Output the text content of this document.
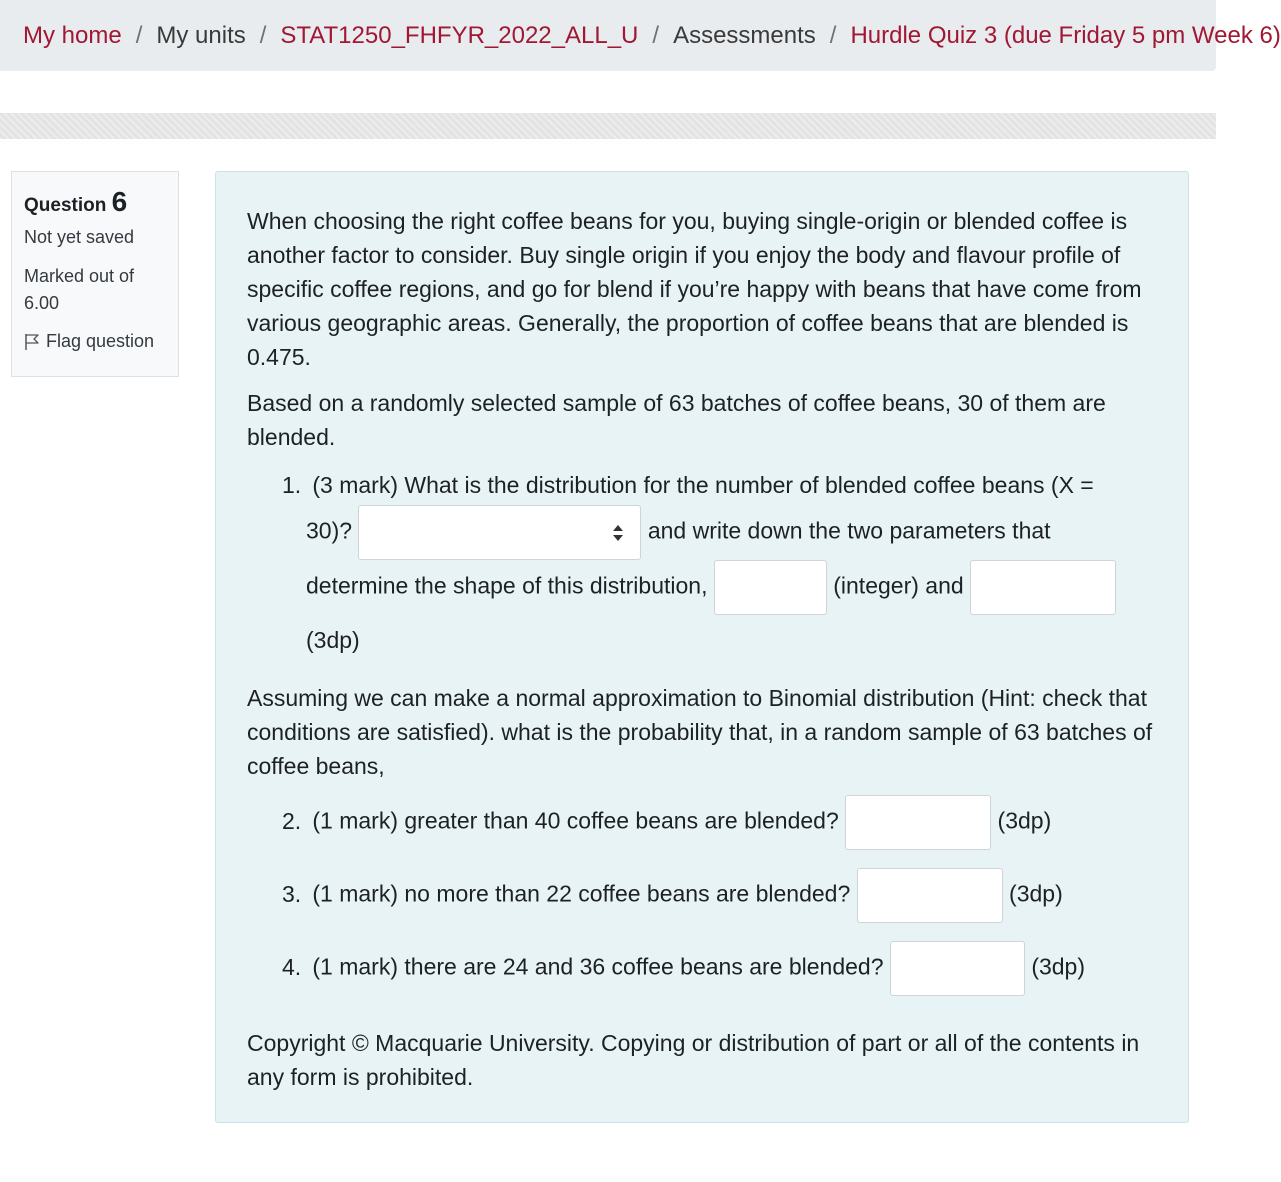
My home / My units / STAT1250_FHFYR_2022_ALL_U / Assessments / Hurdle Quiz 3 (due Friday 5 pm Week 6)
Question 6
Not yet saved
Marked out of
6.00
Flag question

When choosing the right coffee beans for you, buying single-origin or blended coffee is another factor to consider. Buy single origin if you enjoy the body and flavour profile of specific coffee regions, and go for blend if you’re happy with beans that have come from various geographic areas. Generally, the proportion of coffee beans that are blended is 0.475.

Based on a randomly selected sample of 63 batches of coffee beans, 30 of them are blended.

1. (3 mark) What is the distribution for the number of blended coffee beans (X =
30)?	and write down the two parameters that
determine the shape of this distribution,	(integer) and
(3dp)

Assuming we can make a normal approximation to Binomial distribution (Hint: check that conditions are satisfied). what is the probability that, in a random sample of 63 batches of coffee beans,

2. (1 mark) greater than 40 coffee beans are blended?	(3dp)
3. (1 mark) no more than 22 coffee beans are blended?	(3dp)
4. (1 mark) there are 24 and 36 coffee beans are blended?	(3dp)

Copyright © Macquarie University. Copying or distribution of part or all of the contents in any form is prohibited.
